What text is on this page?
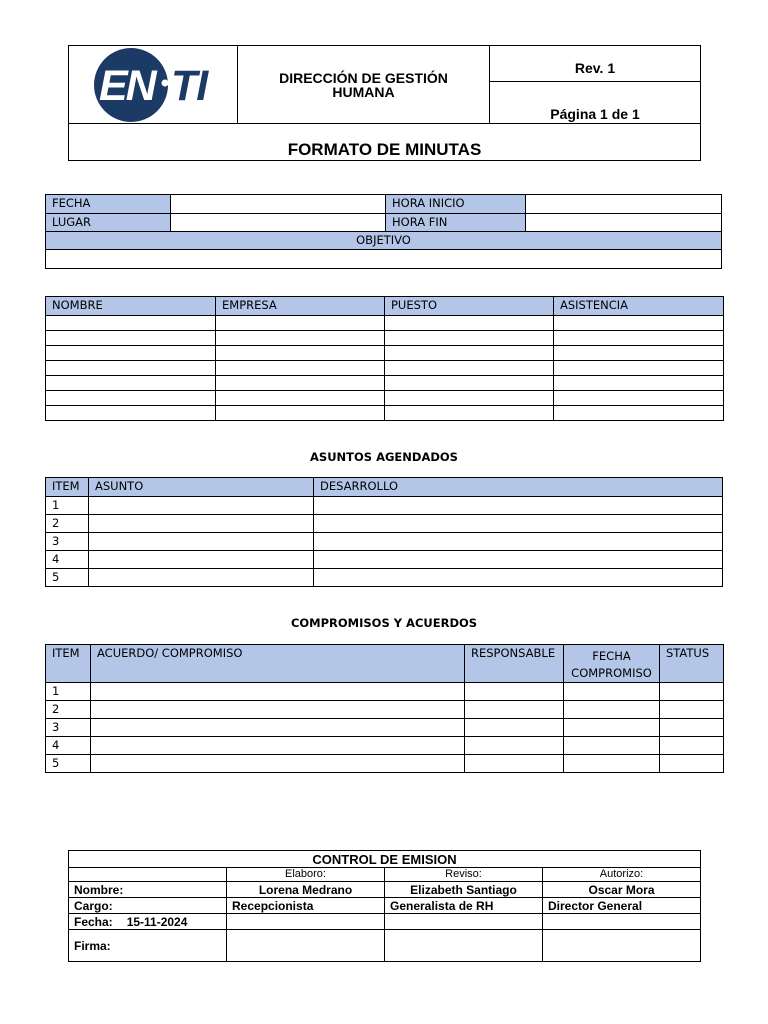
EN TI	DIRECCIÓN DE GESTIÓN HUMANA	Rev. 1
Página 1 de 1
FORMATO DE MINUTAS
FECHA		HORA INICIO	
LUGAR		HORA FIN	
OBJETIVO			

NOMBRE	EMPRESA	PUESTO	ASISTENCIA

ASUNTOS AGENDADOS
ITEM	ASUNTO	DESARROLLO
1		
2		
3		
4		
5		
COMPROMISOS Y ACUERDOS
ITEM	ACUERDO/ COMPROMISO	RESPONSABLE	FECHA COMPROMISO	STATUS
1				
2				
3				
4				
5				
CONTROL DE EMISION			
	Elaboro:	Reviso:	Autorizo:
Nombre:	Lorena Medrano	Elizabeth Santiago	Oscar Mora
Cargo:	Recepcionista	Generalista de RH	Director General
Fecha: 15-11-2024			
Firma:			
